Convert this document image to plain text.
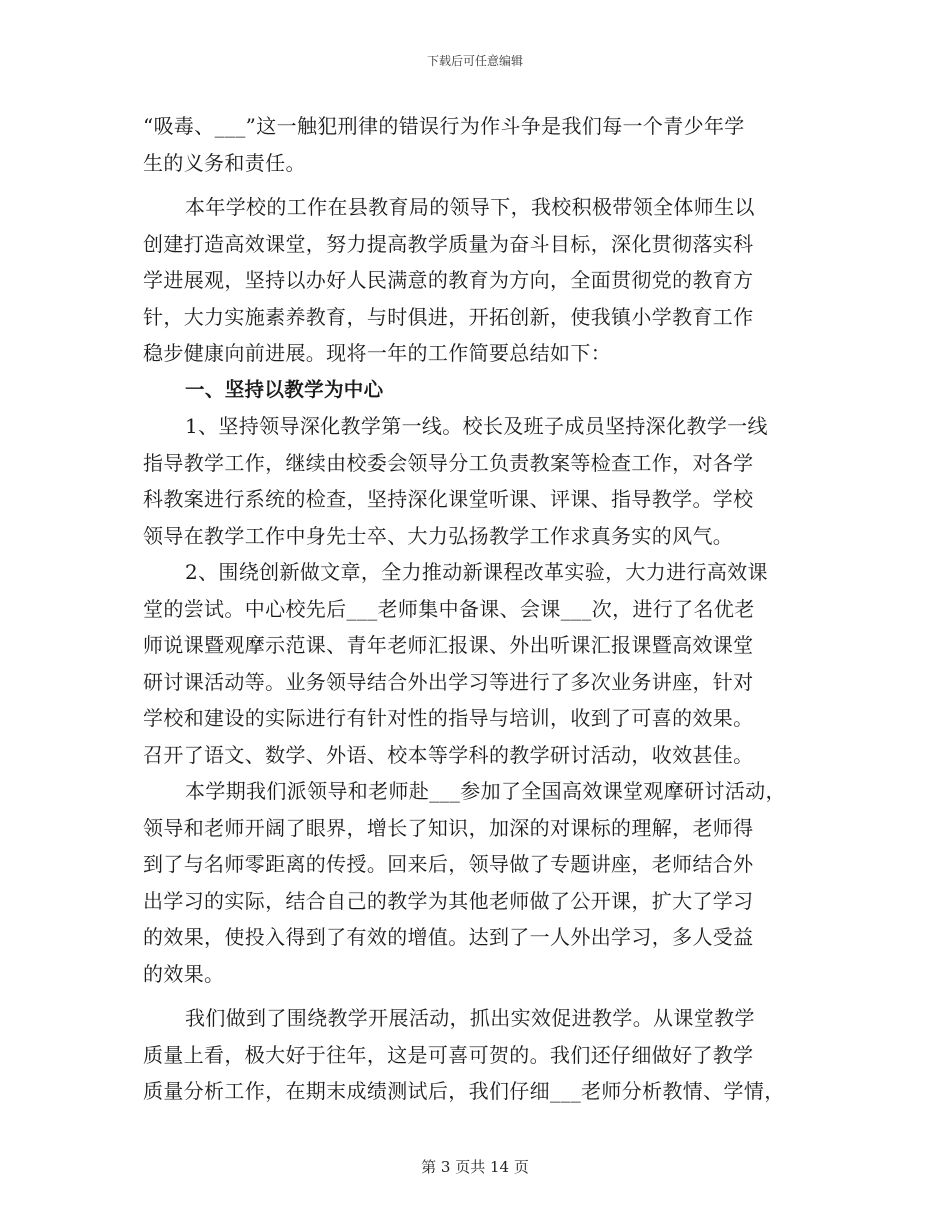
下载后可任意编辑
“吸毒、___”这一触犯刑律的错误行为作斗争是我们每一个青少年学
生的义务和责任。
本年学校的工作在县教育局的领导下，我校积极带领全体师生以
创建打造高效课堂，努力提高教学质量为奋斗目标，深化贯彻落实科
学进展观，坚持以办好人民满意的教育为方向，全面贯彻党的教育方
针，大力实施素养教育，与时俱进，开拓创新，使我镇小学教育工作
稳步健康向前进展。现将一年的工作简要总结如下：
一、坚持以教学为中心
1、坚持领导深化教学第一线。校长及班子成员坚持深化教学一线
指导教学工作，继续由校委会领导分工负责教案等检查工作，对各学
科教案进行系统的检查，坚持深化课堂听课、评课、指导教学。学校
领导在教学工作中身先士卒、大力弘扬教学工作求真务实的风气。
2、围绕创新做文章，全力推动新课程改革实验，大力进行高效课
堂的尝试。中心校先后___老师集中备课、会课___次，进行了名优老
师说课暨观摩示范课、青年老师汇报课、外出听课汇报课暨高效课堂
研讨课活动等。业务领导结合外出学习等进行了多次业务讲座，针对
学校和建设的实际进行有针对性的指导与培训，收到了可喜的效果。
召开了语文、数学、外语、校本等学科的教学研讨活动，收效甚佳。
本学期我们派领导和老师赴___参加了全国高效课堂观摩研讨活动，
领导和老师开阔了眼界，增长了知识，加深的对课标的理解，老师得
到了与名师零距离的传授。回来后，领导做了专题讲座，老师结合外
出学习的实际，结合自己的教学为其他老师做了公开课，扩大了学习
的效果，使投入得到了有效的增值。达到了一人外出学习，多人受益
的效果。
我们做到了围绕教学开展活动，抓出实效促进教学。从课堂教学
质量上看，极大好于往年，这是可喜可贺的。我们还仔细做好了教学
质量分析工作，在期末成绩测试后，我们仔细___老师分析教情、学情，
第 3 页共 14 页
